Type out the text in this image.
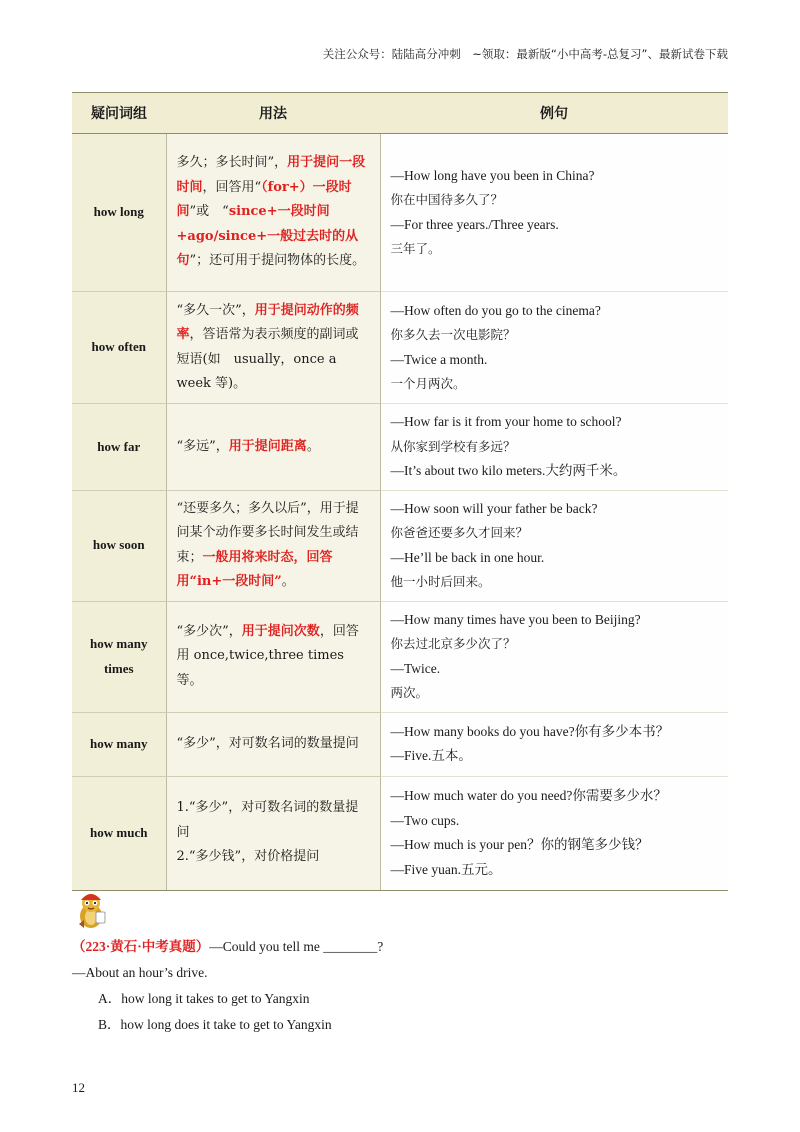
关注公众号：陆陆高分冲刺　~领取：最新版“小中高考-总复习”、最新试卷下载
疑问词组	用法	例句
how long	多久；多长时间”，用于提问一段时间，回答用“（for+）一段时间”或　“since+一段时间+ago/since+一般过去时的从句”；还可用于提问物体的长度。	—How long have you been in China?
你在中国待多久了？
—For three years./Three years.
三年了。

how often	“多久一次”，用于提问动作的频率，答语常为表示频度的副词或短语(如　usually，once a week 等)。	—How often do you go to the cinema?
你多久去一次电影院？
—Twice a month.
一个月两次。

how far	“多远”，用于提问距离。	—How far is it from your home to school?
从你家到学校有多远？
—It’s about two kilo meters.大约两千米。

how soon	“还要多久；多久以后”，用于提问某个动作要多长时间发生或结束；一般用将来时态，回答用“in+一段时间”。	—How soon will your father be back?
你爸爸还要多久才回来？
—He’ll be back in one hour.
他一小时后回来。

how many times	“多少次”，用于提问次数，回答用 once,twice,three times 等。	—How many times have you been to Beijing?
你去过北京多少次了？
—Twice.
两次。

how many	“多少”，对可数名词的数量提问	—How many books do you have?你有多少本书？
—Five.五本。

how much	1.“多少”，对可数名词的数量提问
2.“多少钱”，对价格提问	—How much water do you need?你需要多少水？
—Two cups.
—How much is your pen？你的钢笔多少钱？
—Five yuan.五元。
（223·黄石·中考真题）—Could you tell me ________?
—About an hour’s drive.
A．how long it takes to get to Yangxin
B．how long does it take to get to Yangxin
12
